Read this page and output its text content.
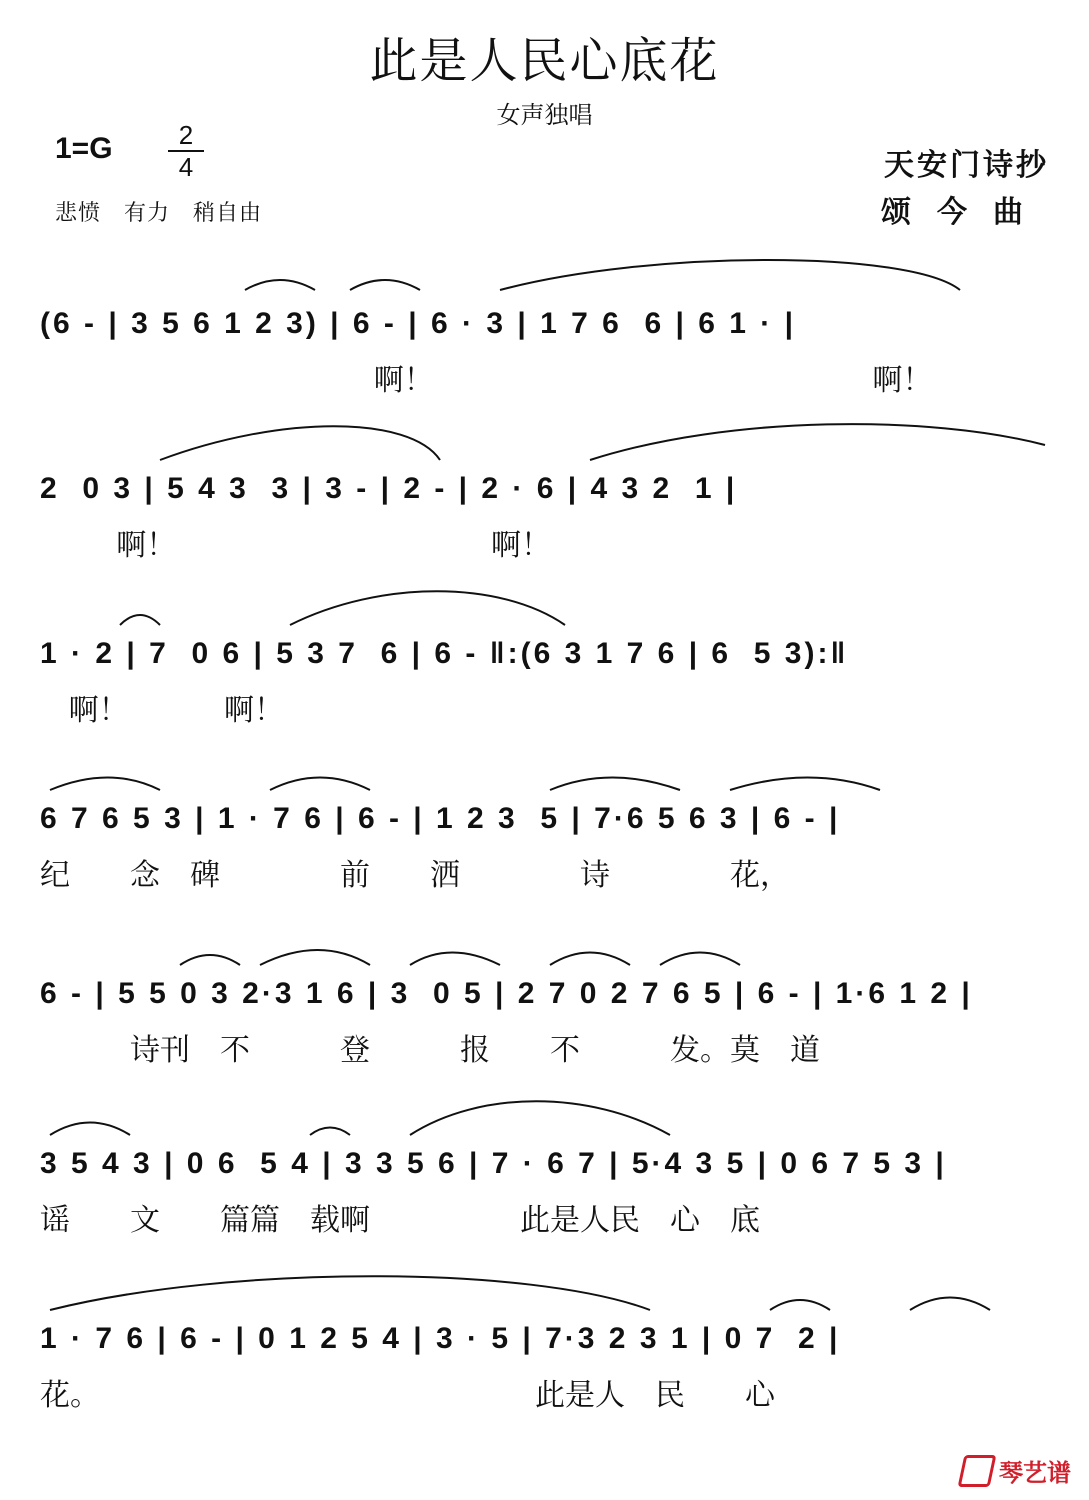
此是人民心底花
女声独唱
$1=G \frac{2}{4}$
悲愤　有力　稍自由
天安门诗抄
颂今曲
(6 - | 3 5 6 1 2 3) | 6 - | 6 · 3 | 1 7 6  6 | 6 1 · |
啊！                                              啊！
2  0 3 | 5 4 3  3 | 3 - | 2 - | 2 · 6 | 4 3 2  1 |
啊！                                 啊！
1 · 2 | 7  0 6 | 5 3 7  6 | 6 - ‖:(6 3 1 7 6 | 6  5 3):‖
啊！          啊！
6 7 6 5 3 | 1 · 7 6 | 6 - | 1 2 3  5 | 7·6 5 6 3 | 6 - |
纪　　念　碑　　　　前　　洒　　　　诗　　　　花，
6 - | 5 5 0 3 2·3 1 6 | 3  0 5 | 2 7 0 2 7 6 5 | 6 - | 1·6 1 2 |
　　　诗刊　不　　　登　　　报　　不　　　发。莫　道
3 5 4 3 | 0 6  5 4 | 3 3 5 6 | 7 · 6 7 | 5·4 3 5 | 0 6 7 5 3 |
谣　　文　　篇篇　载啊　　　　　此是人民　心　底
1 · 7 6 | 6 - | 0 1 2 5 4 | 3 · 5 | 7·3 2 3 1 | 0 7  2 |
花。　　　　　　　　　　　　　　　此是人　民　　心
琴艺谱
